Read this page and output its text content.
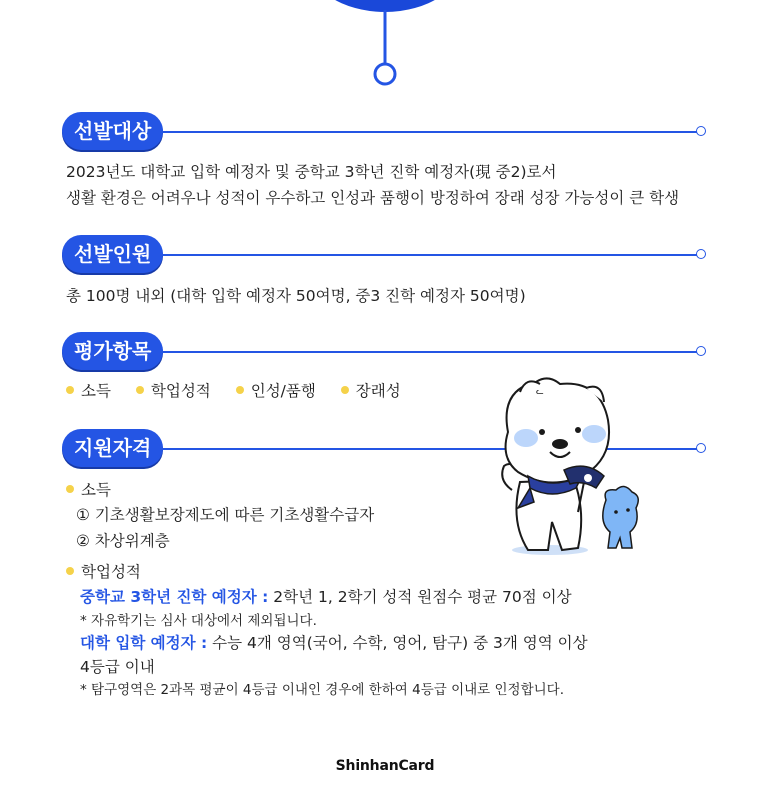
선발대상
2023년도 대학교 입학 예정자 및 중학교 3학년 진학 예정자(現 중2)로서
생활 환경은 어려우나 성적이 우수하고 인성과 품행이 방정하여 장래 성장 가능성이 큰 학생
선발인원
총 100명 내외 (대학 입학 예정자 50여명, 중3 진학 예정자 50여명)
평가항목
소득	학업성적	인성/품행	장래성
지원자격
소득
① 기초생활보장제도에 따른 기초생활수급자
② 차상위계층
학업성적
중학교 3학년 진학 예정자 : 2학년 1, 2학기 성적 원점수 평균 70점 이상
* 자유학기는 심사 대상에서 제외됩니다.
대학 입학 예정자 : 수능 4개 영역(국어, 수학, 영어, 탐구) 중 3개 영역 이상
4등급 이내
* 탐구영역은 2과목 평균이 4등급 이내인 경우에 한하여 4등급 이내로 인정합니다.
ᓚ
ShinhanCard
